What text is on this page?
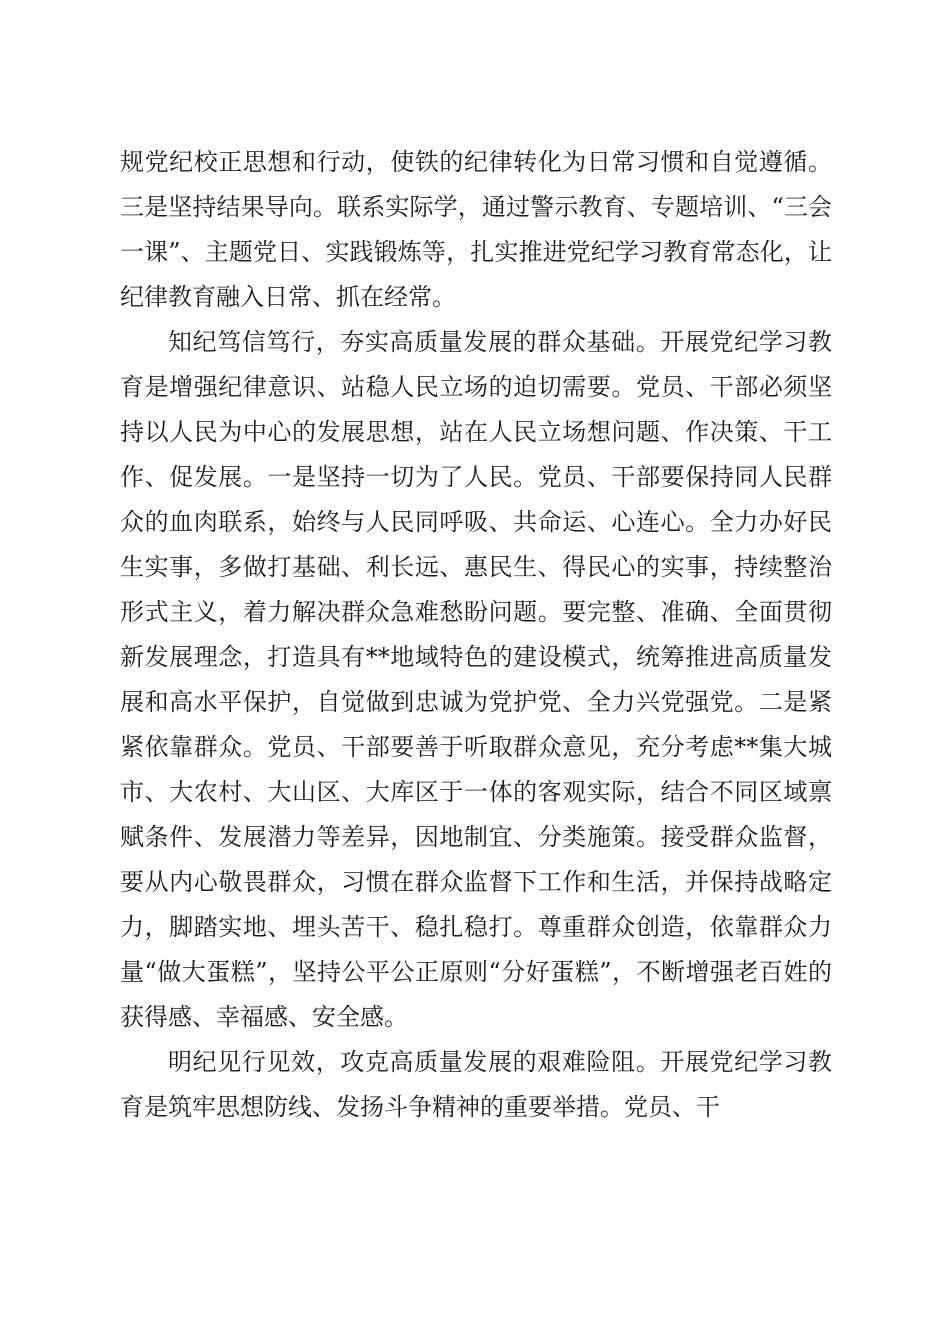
规党纪校正思想和行动，使铁的纪律转化为日常习惯和自觉遵循。三是坚持结果导向。联系实际学，通过警示教育、专题培训、“三会一课”、主题党日、实践锻炼等，扎实推进党纪学习教育常态化，让纪律教育融入日常、抓在经常。

知纪笃信笃行，夯实高质量发展的群众基础。开展党纪学习教育是增强纪律意识、站稳人民立场的迫切需要。党员、干部必须坚持以人民为中心的发展思想，站在人民立场想问题、作决策、干工作、促发展。一是坚持一切为了人民。党员、干部要保持同人民群众的血肉联系，始终与人民同呼吸、共命运、心连心。全力办好民生实事，多做打基础、利长远、惠民生、得民心的实事，持续整治形式主义，着力解决群众急难愁盼问题。要完整、准确、全面贯彻新发展理念，打造具有**地域特色的建设模式，统筹推进高质量发展和高水平保护，自觉做到忠诚为党护党、全力兴党强党。二是紧紧依靠群众。党员、干部要善于听取群众意见，充分考虑**集大城市、大农村、大山区、大库区于一体的客观实际，结合不同区域禀赋条件、发展潜力等差异，因地制宜、分类施策。接受群众监督，要从内心敬畏群众，习惯在群众监督下工作和生活，并保持战略定力，脚踏实地、埋头苦干、稳扎稳打。尊重群众创造，依靠群众力量“做大蛋糕”，坚持公平公正原则“分好蛋糕”，不断增强老百姓的获得感、幸福感、安全感。

明纪见行见效，攻克高质量发展的艰难险阻。开展党纪学习教育是筑牢思想防线、发扬斗争精神的重要举措。党员、干
